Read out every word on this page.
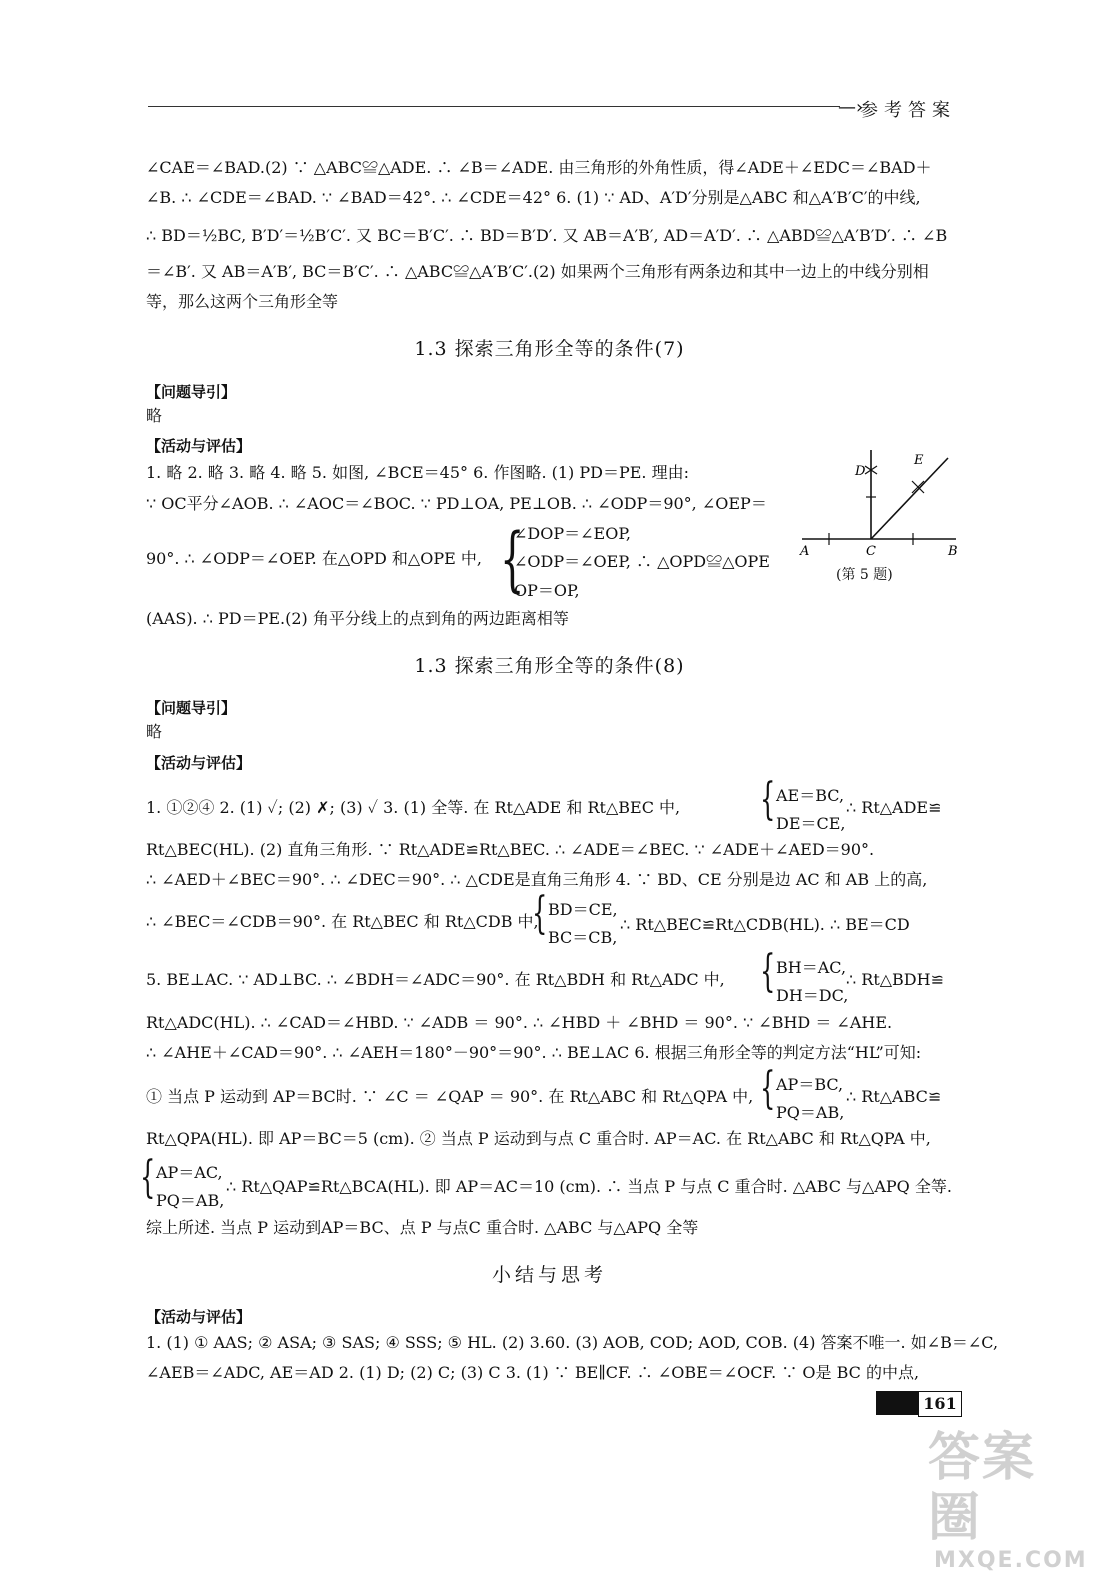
—›
参考答案
∠CAE＝∠BAD.(2) ∵ △ABC≌△ADE. ∴ ∠B＝∠ADE. 由三角形的外角性质，得∠ADE＋∠EDC＝∠BAD＋
∠B. ∴ ∠CDE＝∠BAD. ∵ ∠BAD＝42°. ∴ ∠CDE＝42° 6. (1) ∵ AD、A′D′分别是△ABC 和△A′B′C′的中线,
∴ BD＝½BC, B′D′＝½B′C′. 又 BC＝B′C′. ∴ BD＝B′D′. 又 AB＝A′B′, AD＝A′D′. ∴ △ABD≌△A′B′D′. ∴ ∠B
＝∠B′. 又 AB＝A′B′, BC＝B′C′. ∴ △ABC≌△A′B′C′.(2) 如果两个三角形有两条边和其中一边上的中线分别相
等，那么这两个三角形全等
1.3 探索三角形全等的条件(7)
【问题导引】
略
【活动与评估】
1. 略 2. 略 3. 略 4. 略 5. 如图, ∠BCE＝45° 6. 作图略. (1) PD＝PE. 理由:
∵ OC平分∠AOB. ∴ ∠AOC＝∠BOC. ∵ PD⊥OA, PE⊥OB. ∴ ∠ODP＝90°, ∠OEP＝
90°. ∴ ∠ODP＝∠OEP. 在△OPD 和△OPE 中, {
∠DOP＝∠EOP,
∠ODP＝∠OEP, ∴ △OPD≌△OPE
OP＝OP,
(AAS). ∴ PD＝PE.(2) 角平分线上的点到角的两边距离相等
D
E
A	C	B
(第 5 题)
1.3 探索三角形全等的条件(8)
【问题导引】
略
【活动与评估】
1. ①②④ 2. (1) ✓; (2) ✗; (3) ✓ 3. (1) 全等. 在 Rt△ADE 和 Rt△BEC 中,	{ AE＝BC,
DE＝CE,
∴ Rt△ADE≌
Rt△BEC(HL). (2) 直角三角形. ∵ Rt△ADE≌Rt△BEC. ∴ ∠ADE＝∠BEC. ∵ ∠ADE＋∠AED＝90°.
∴ ∠AED＋∠BEC＝90°. ∴ ∠DEC＝90°. ∴ △CDE是直角三角形 4. ∵ BD、CE 分别是边 AC 和 AB 上的高,
∴ ∠BEC＝∠CDB＝90°. 在 Rt△BEC 和 Rt△CDB 中,
{ BD＝CE,
BC＝CB,
∴ Rt△BEC≌Rt△CDB(HL). ∴ BE＝CD
5. BE⊥AC. ∵ AD⊥BC. ∴ ∠BDH＝∠ADC＝90°. 在 Rt△BDH 和 Rt△ADC 中, { BH＝AC,
DH＝DC,
∴ Rt△BDH≌
Rt△ADC(HL). ∴ ∠CAD＝∠HBD. ∵ ∠ADB ＝ 90°. ∴ ∠HBD ＋ ∠BHD ＝ 90°. ∵ ∠BHD ＝ ∠AHE.
∴ ∠AHE＋∠CAD＝90°. ∴ ∠AEH＝180°－90°＝90°. ∴ BE⊥AC 6. 根据三角形全等的判定方法“HL”可知:
① 当点 P 运动到 AP＝BC时. ∵ ∠C ＝ ∠QAP ＝ 90°. 在 Rt△ABC 和 Rt△QPA 中, { AP＝BC,
PQ＝AB,
∴ Rt△ABC≌
Rt△QPA(HL). 即 AP＝BC＝5 (cm). ② 当点 P 运动到与点 C 重合时. AP＝AC. 在 Rt△ABC 和 Rt△QPA 中,
{ AP＝AC,
PQ＝AB,
∴ Rt△QAP≌Rt△BCA(HL). 即 AP＝AC＝10 (cm). ∴ 当点 P 与点 C 重合时. △ABC 与△APQ 全等.
综上所述. 当点 P 运动到AP＝BC、点 P 与点C 重合时. △ABC 与△APQ 全等
小结与思考
【活动与评估】
1. (1) ① AAS; ② ASA; ③ SAS; ④ SSS; ⑤ HL. (2) 3.60. (3) AOB, COD; AOD, COB. (4) 答案不唯一. 如∠B＝∠C,
∠AEB＝∠ADC, AE＝AD 2. (1) D; (2) C; (3) C 3. (1) ∵ BE∥CF. ∴ ∠OBE＝∠OCF. ∵ O是 BC 的中点,
161
答案圈
MXQE.COM
